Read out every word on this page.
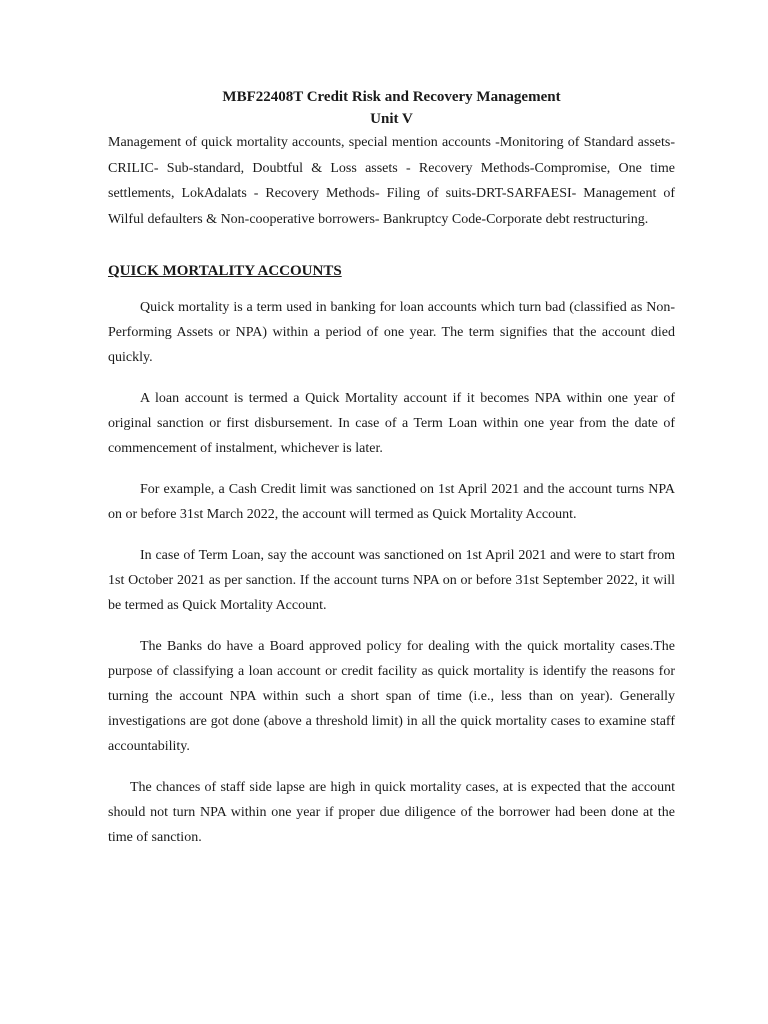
MBF22408T Credit Risk and Recovery Management

Unit V

Management of quick mortality accounts, special mention accounts -Monitoring of Standard assets- CRILIC- Sub-standard, Doubtful & Loss assets - Recovery Methods-Compromise, One time settlements, LokAdalats - Recovery Methods- Filing of suits-DRT-SARFAESI- Management of Wilful defaulters & Non-cooperative borrowers- Bankruptcy Code-Corporate debt restructuring.

QUICK MORTALITY ACCOUNTS

Quick mortality is a term used in banking for loan accounts which turn bad (classified as Non-Performing Assets or NPA) within a period of one year. The term signifies that the account died quickly.

A loan account is termed a Quick Mortality account if it becomes NPA within one year of original sanction or first disbursement. In case of a Term Loan within one year from the date of commencement of instalment, whichever is later.

For example, a Cash Credit limit was sanctioned on 1st April 2021 and the account turns NPA on or before 31st March 2022, the account will termed as Quick Mortality Account.

In case of Term Loan, say the account was sanctioned on 1st April 2021 and were to start from 1st October 2021 as per sanction. If the account turns NPA on or before 31st September 2022, it will be termed as Quick Mortality Account.

The Banks do have a Board approved policy for dealing with the quick mortality cases.The purpose of classifying a loan account or credit facility as quick mortality is identify the reasons for turning the account NPA within such a short span of time (i.e., less than on year). Generally investigations are got done (above a threshold limit) in all the quick mortality cases to examine staff accountability.

The chances of staff side lapse are high in quick mortality cases, at is expected that the account should not turn NPA within one year if proper due diligence of the borrower had been done at the time of sanction.
